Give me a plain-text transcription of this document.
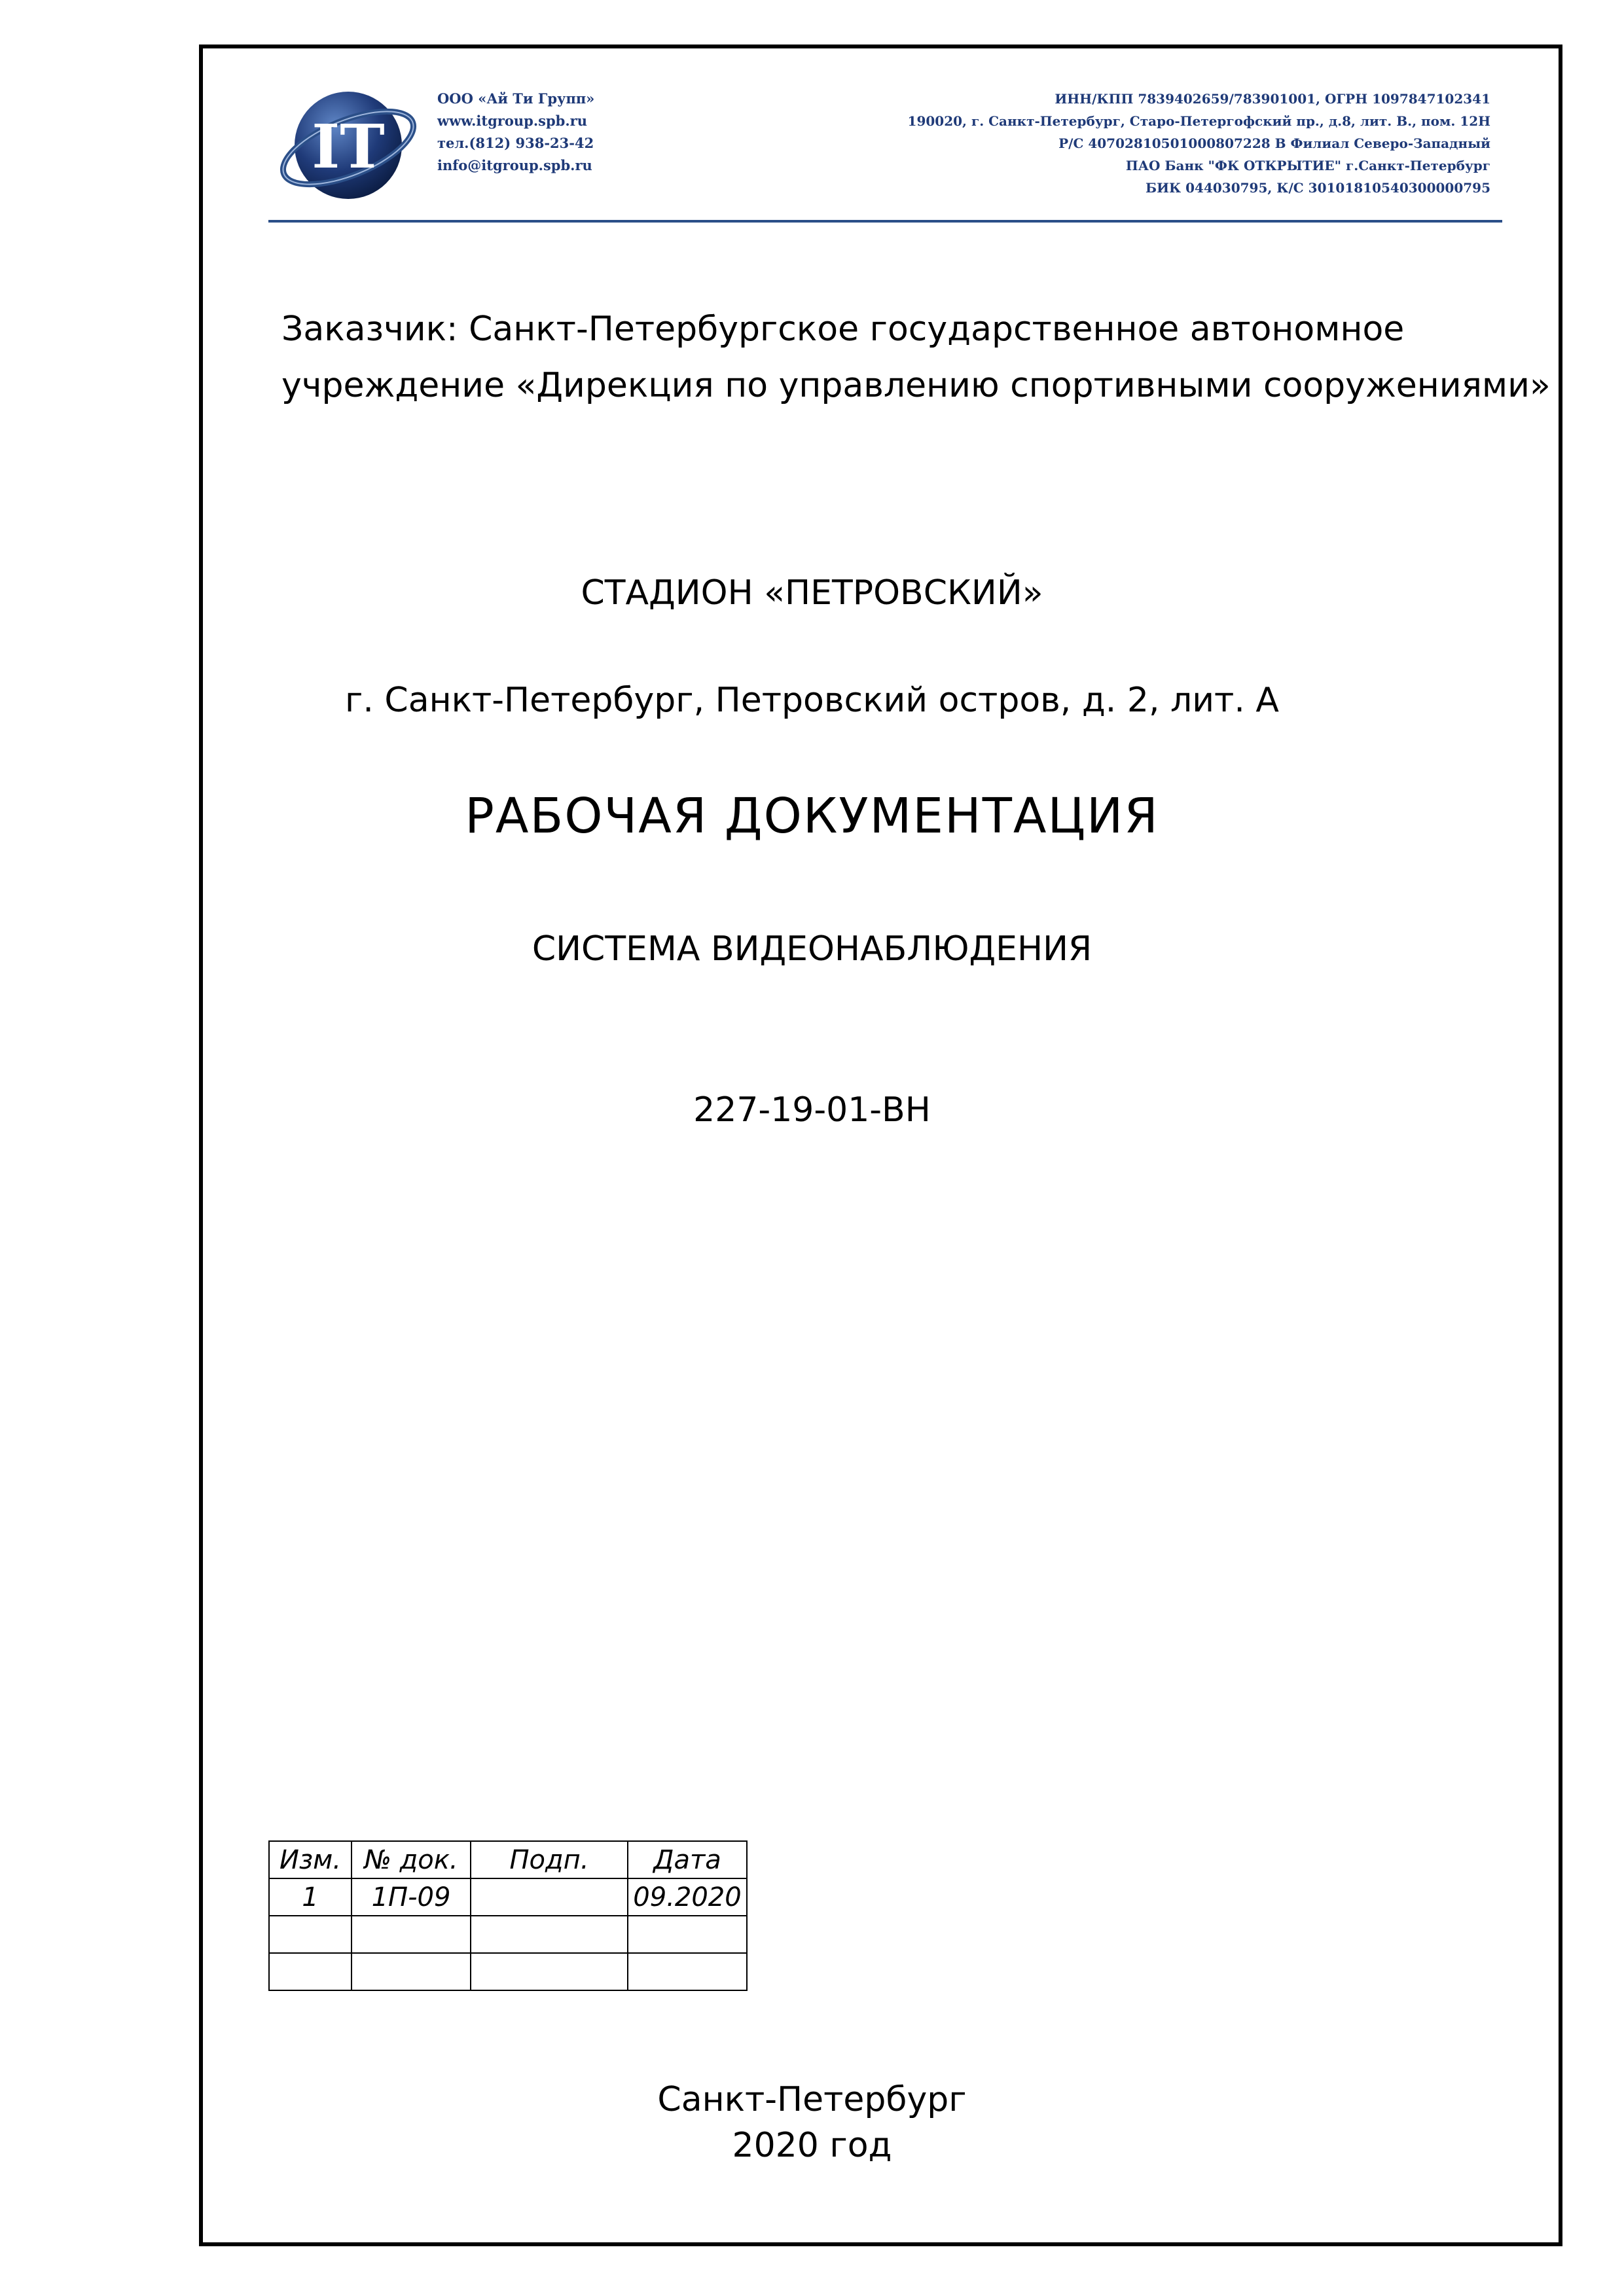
IT
ООО «Ай Ти Групп»
www.itgroup.spb.ru
тел.(812) 938-23-42
info@itgroup.spb.ru
ИНН/КПП 7839402659/783901001, ОГРН 1097847102341
190020, г. Санкт-Петербург, Старо-Петергофский пр., д.8, лит. В., пом. 12Н
Р/С 40702810501000807228 В Филиал Северо-Западный
ПАО Банк "ФК ОТКРЫТИЕ" г.Санкт-Петербург
БИК 044030795, К/С 30101810540300000795
Заказчик: Санкт-Петербургское государственное автономное
учреждение «Дирекция по управлению спортивными сооружениями»
СТАДИОН «ПЕТРОВСКИЙ»
г. Санкт-Петербург, Петровский остров, д. 2, лит. А
РАБОЧАЯ ДОКУМЕНТАЦИЯ
СИСТЕМА ВИДЕОНАБЛЮДЕНИЯ
227-19-01-ВН
Изм.	№ док.	Подп.	Дата
1	1П-09		09.2020

Санкт-Петербург
2020 год
